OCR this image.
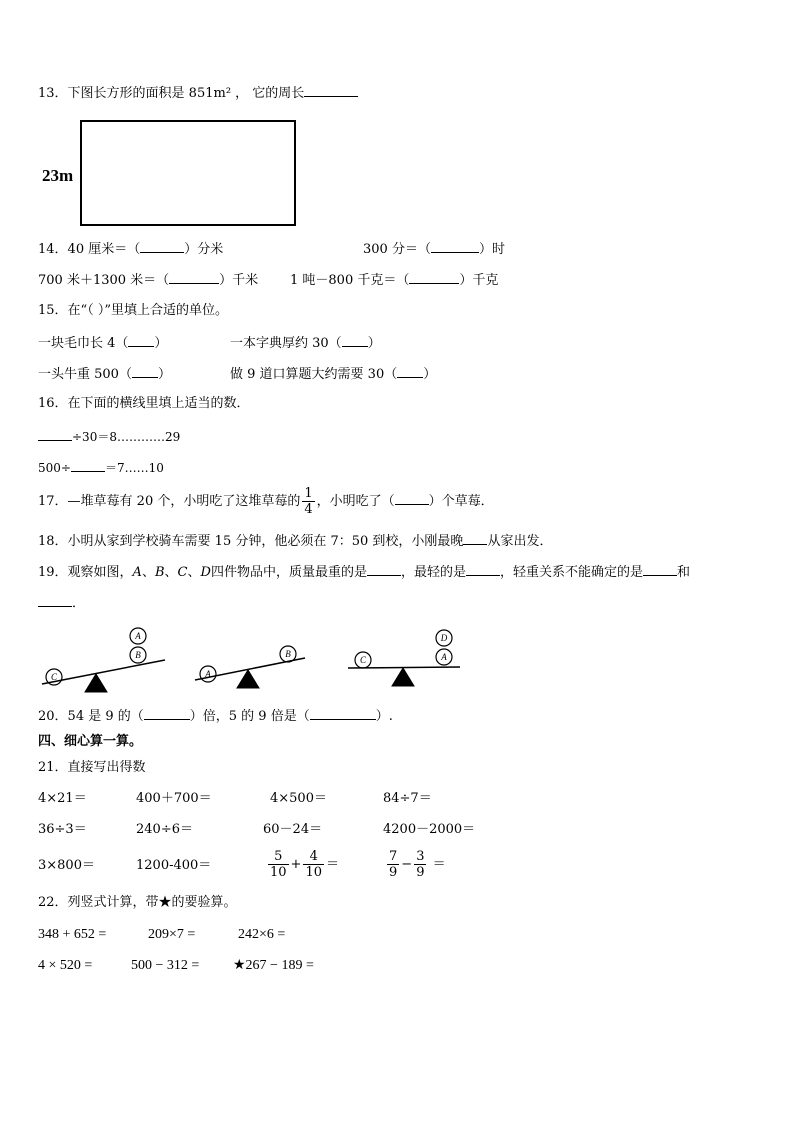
13．下图长方形的面积是 851m² ， 它的周长
23m
14．40 厘米＝（	）分米	300 分＝（	）时
700 米＋1300 米＝（	）千米 1 吨－800 千克＝（	）千克
15．在“（ ）”里填上合适的单位。
一块毛巾长 4（ ）	一本字典厚约 30（ ）
一头牛重 500（ ）	做 9 道口算题大约需要 30（ ）
16．在下面的横线里填上适当的数．
÷30＝8…………29
500÷	＝7……10
17．—堆草莓有 20 个，小明吃了这堆草莓的 $\frac{1}{4}$ ，小明吃了（	）个草莓．
18．小明从家到学校骑车需要 15 分钟，他必须在 7：50 到校，小刚最晚 从家出发．
19．观察如图，A、B、C、D四件物品中，质量最重的是	，最轻的是	，轻重关系不能确定的是	和
．
C
B
A
A
B
C	A
D
20．54 是 9 的（	）倍，5 的 9 倍是（	）.
四、细心算一算。
21．直接写出得数
4×21＝	400＋700＝	4×500＝	84÷7＝
36÷3＝	240÷6＝	60－24＝	4200－2000＝
3×800＝	1200-400＝	$\frac{5}{10} + \frac{4}{10}$ ＝	$\frac{7}{9} - \frac{3}{9}$ ＝
22．列竖式计算，带★的要验算。
348 + 652 =	209×7 =	242×6 =
4 × 520 =	500 − 312 = ★267 − 189 =
